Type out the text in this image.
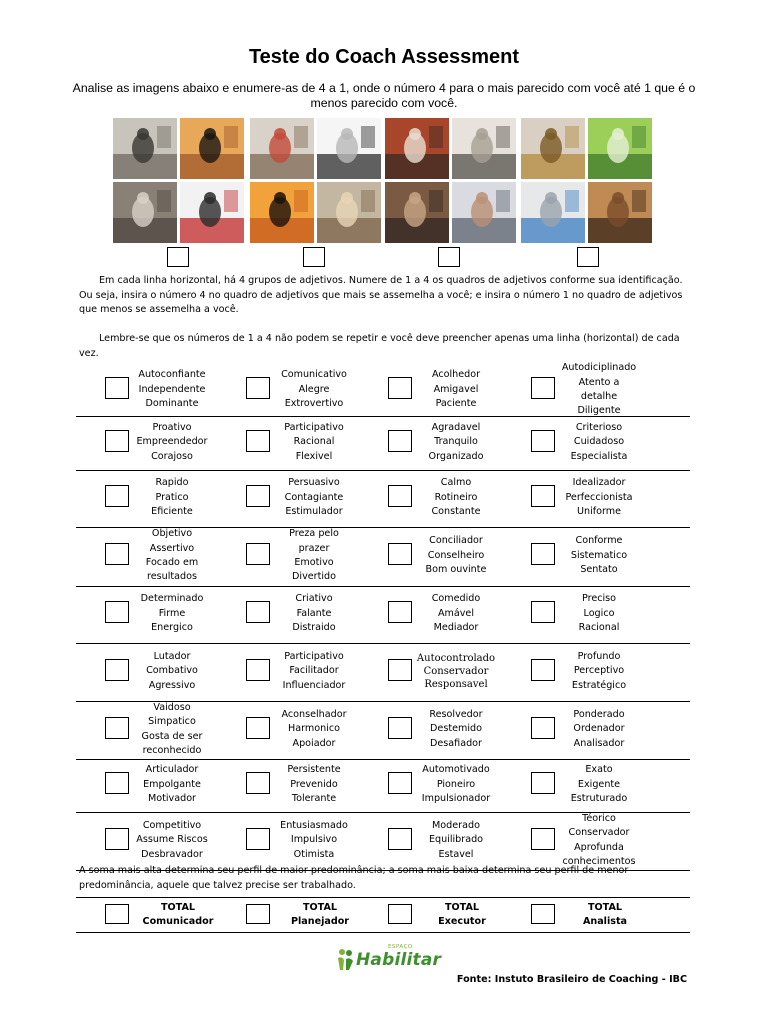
Teste do Coach Assessment
Analise as imagens abaixo e enumere-as de 4 a 1, onde o número 4 para o mais parecido com você até 1 que é o menos parecido com você.

Em cada linha horizontal, há 4 grupos de adjetivos. Numere de 1 a 4 os quadros de adjetivos conforme sua identificação. Ou seja, insira o número 4 no quadro de adjetivos que mais se assemelha a você; e insira o número 1 no quadro de adjetivos que menos se assemelha a você.

Lembre-se que os números de 1 a 4 não podem se repetir e você deve preencher apenas uma linha (horizontal) de cada vez.

Autoconfiante
Independente
Dominante
Comunicativo
Alegre
Extrovertivo
Acolhedor
Amigavel
Paciente
Autodiciplinado
Atento a detalhe
Diligente
Proativo
Empreendedor
Corajoso
Participativo
Racional
Flexivel
Agradavel
Tranquilo
Organizado
Criterioso
Cuidadoso
Especialista
Rapido
Pratico
Eficiente
Persuasivo
Contagiante
Estimulador
Calmo
Rotineiro
Constante
Idealizador
Perfeccionista
Uniforme
Objetivo
Assertivo
Focado em
resultados
Preza pelo
prazer
Emotivo
Divertido
Conciliador
Conselheiro
Bom ouvinte
Conforme
Sistematico
Sentato
Determinado
Firme
Energico
Criativo
Falante
Distraido
Comedido
Amável
Mediador
Preciso
Logico
Racional
Lutador
Combativo
Agressivo
Participativo
Facilitador
Influenciador
Autocontrolado
Conservador
Responsavel
Profundo
Perceptivo
Estratégico
Vaidoso
Simpatico
Gosta de ser
reconhecido
Aconselhador
Harmonico
Apoiador
Resolvedor
Destemido
Desafiador
Ponderado
Ordenador
Analisador
Articulador
Empolgante
Motivador
Persistente
Prevenido
Tolerante
Automotivado
Pioneiro
Impulsionador
Exato
Exigente
Estruturado
Competitivo
Assume Riscos
Desbravador
Entusiasmado
Impulsivo
Otimista
Moderado
Equilibrado
Estavel
Téorico
Conservador
Aprofunda
conhecimentos
A soma mais alta determina seu perfil de maior predominância; a soma mais baixa determina seu perfil de menor predominância, aquele que talvez precise ser trabalhado.
TOTAL
Comunicador
TOTAL
Planejador
TOTAL
Executor
TOTAL
Analista
ESPAÇO
Habilitar
Fonte: Instuto Brasileiro de Coaching - IBC
